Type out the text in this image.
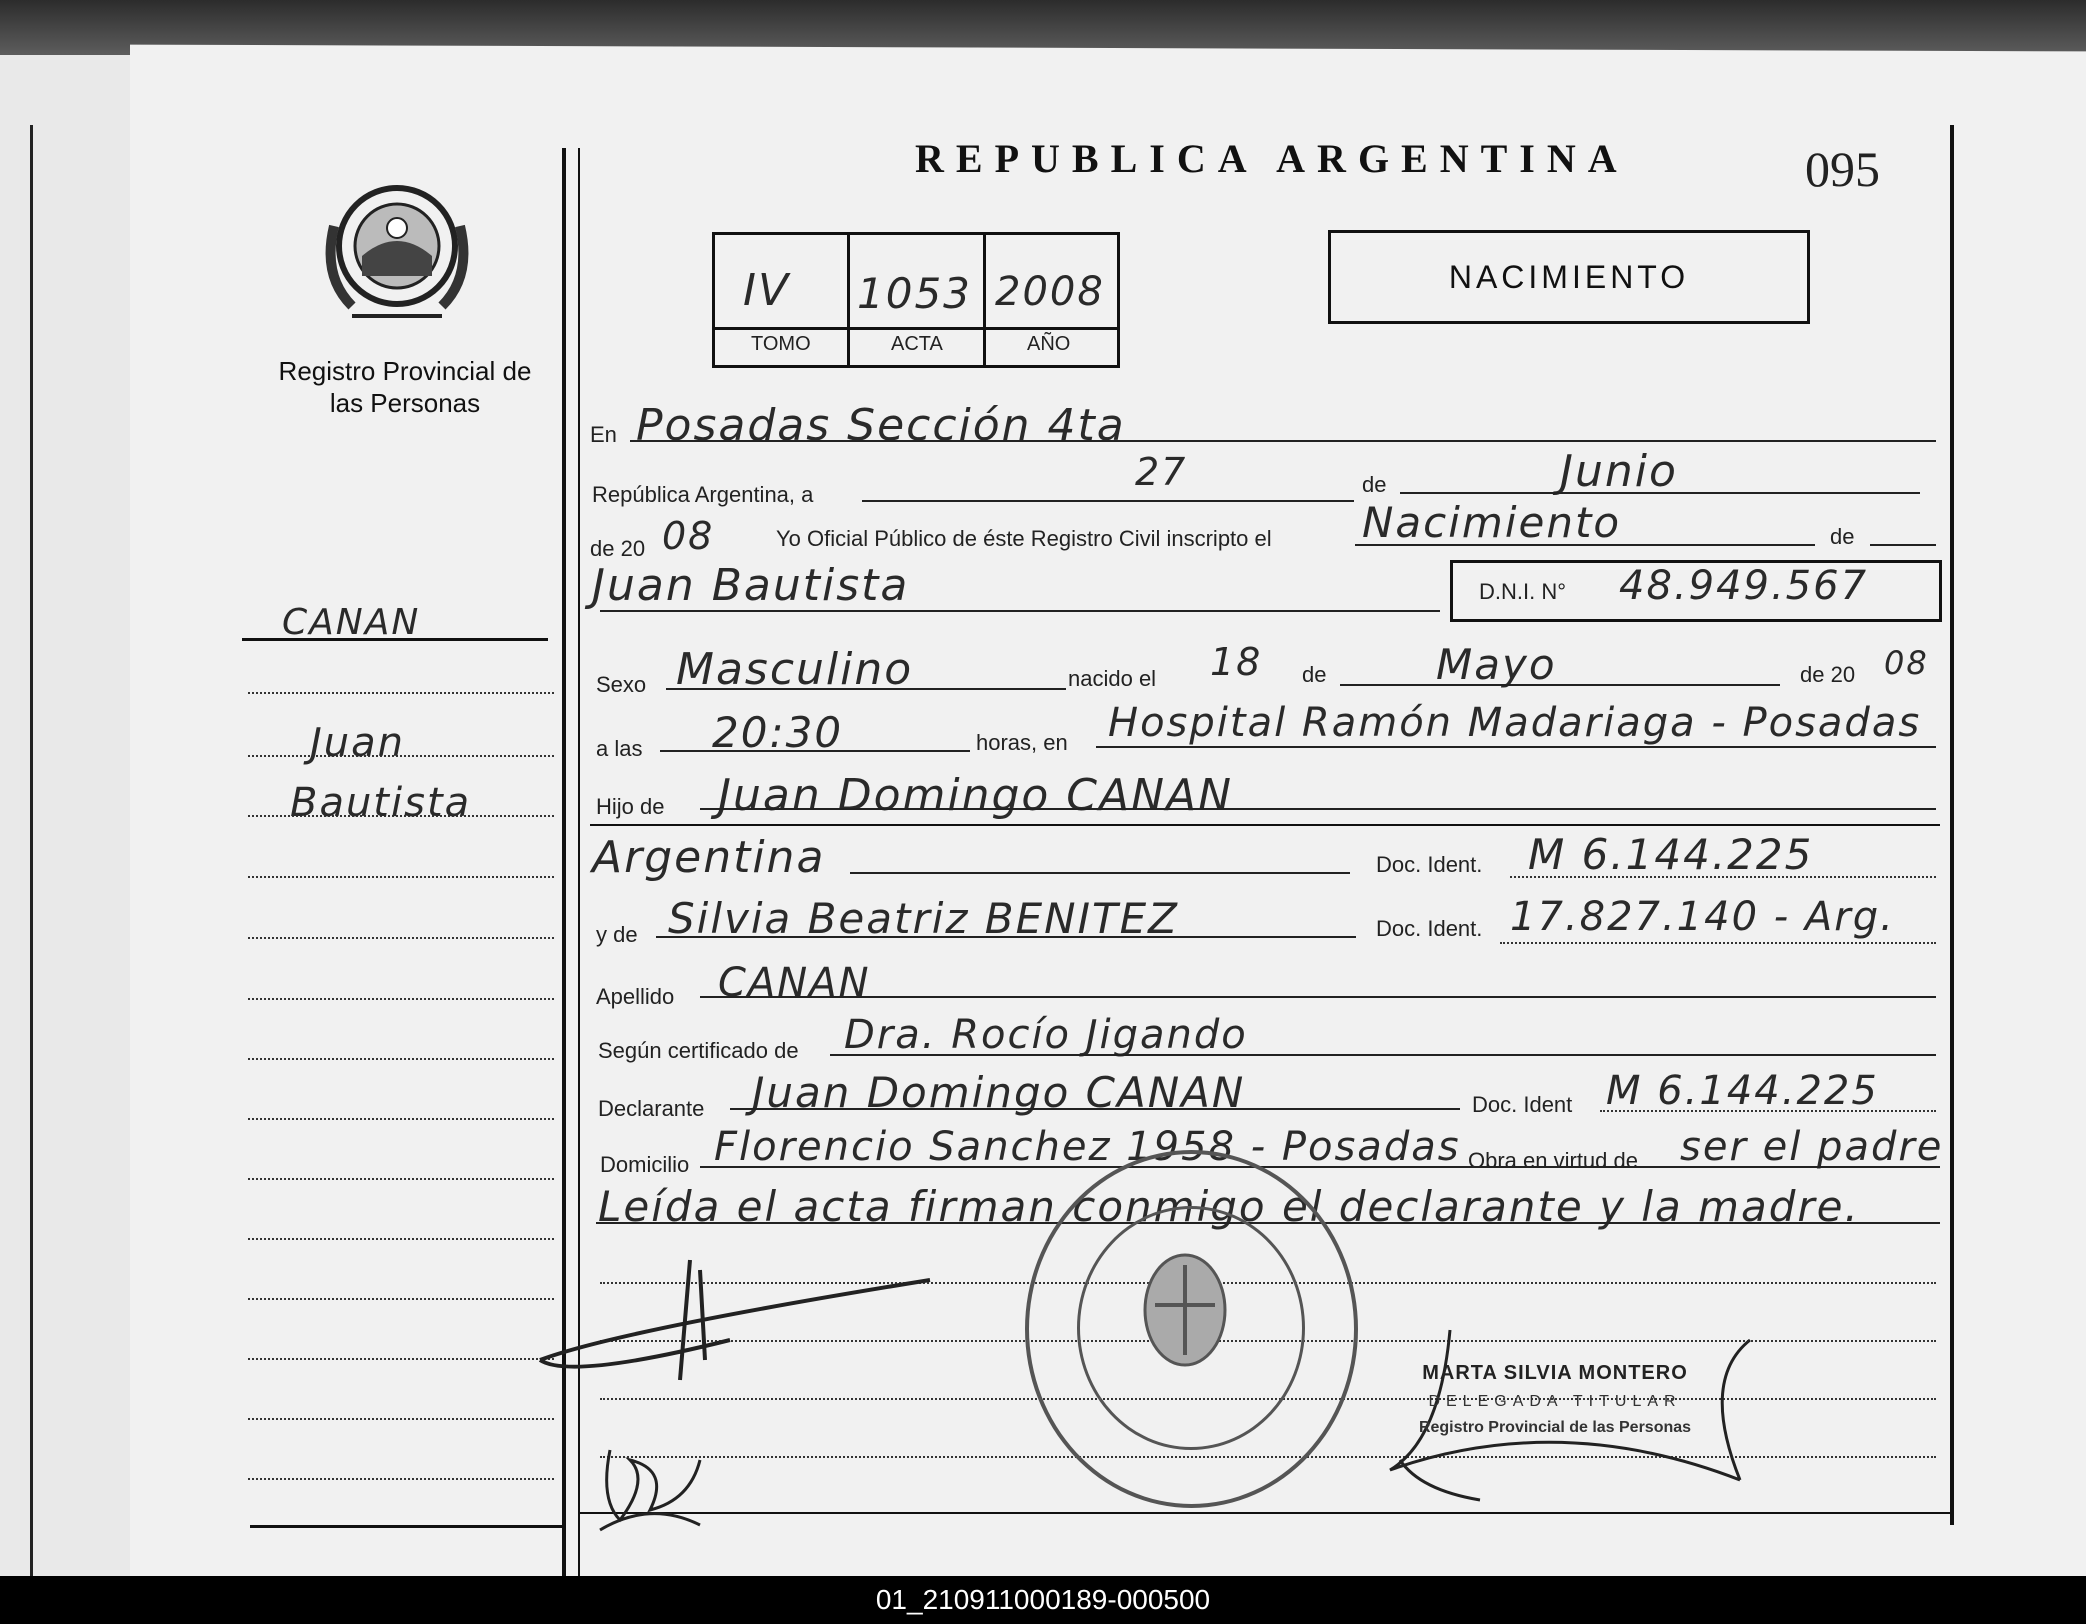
Registro Provincial de las Personas
REPUBLICA ARGENTINA	095
IV 1053 2008
TOMO	ACTA	AÑO
NACIMIENTO
CANAN
Juan
Bautista
En Posadas Sección 4ta
República Argentina, a
27	de	Junio
de 20 08	Yo Oficial Público de éste Registro Civil inscripto el Nacimiento	de
Juan Bautista	D.N.I. N° 48.949.567
Sexo Masculino	nacido el 18 de	Mayo	de 20 08
a las 20:30	horas, en Hospital Ramón Madariaga - Posadas
Hijo de Juan Domingo CANAN
Argentina	Doc. Ident. M 6.144.225
y de Silvia Beatriz BENITEZ	Doc. Ident. 17.827.140 - Arg.
Apellido CANAN
Según certificado de Dra. Rocío Jigando
Declarante Juan Domingo CANAN	Doc. Ident M 6.144.225
Domicilio Florencio Sanchez 1958 - Posadas Obra en virtud de ser el padre
Leída el acta firman conmigo el declarante y la madre.
MARTA SILVIA MONTERO
DELEGADA TITULAR
Registro Provincial de las Personas
01_210911000189-000500
